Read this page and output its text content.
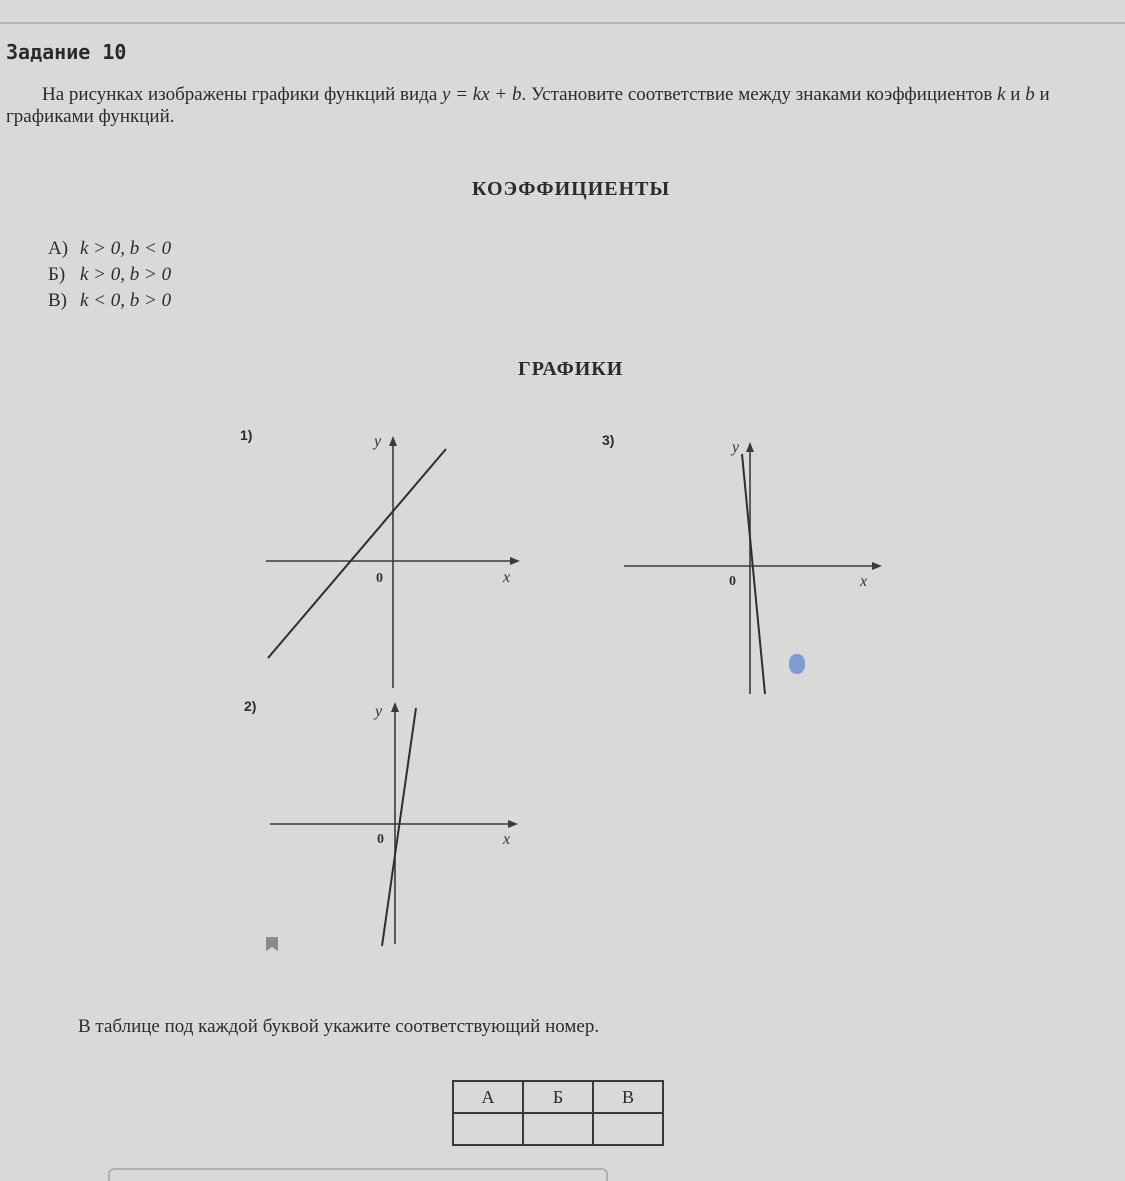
Задание 10
На рисунках изображены графики функций вида y = kx + b. Установите соответствие между знаками коэффициентов k и b и графиками функций.
КОЭФФИЦИЕНТЫ
А) k > 0, b < 0
Б) k > 0, b > 0
В) k < 0, b > 0
ГРАФИКИ
1)
2)
3)
y
x
0
y
x
0
y
x
0
В таблице под каждой буквой укажите соответствующий номер.
А	Б	В
